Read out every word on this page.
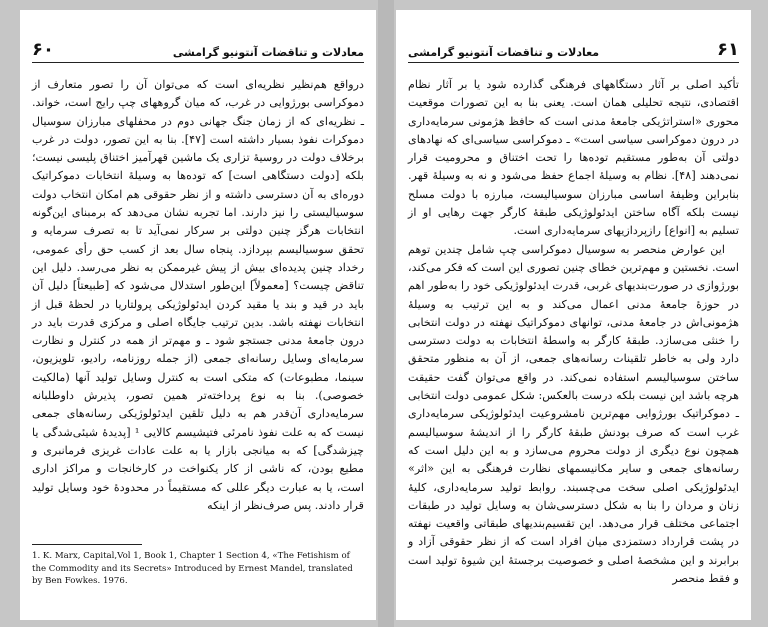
۶۰	معادلات و تناقضات آنتونیو گرامشی

درواقع هم‌نظیر نظریه‌ای است که می‌توان آن را تصور متعارف از دموکراسی بورژوایی در غرب، که میان گروههای چپ رایج است، خواند. ـ نظریه‌ای که از زمان جنگ جهانی دوم در محفلهای مبارزان سوسیال دموکرات نفوذ بسیار داشته است [۴۷]. بنا به این تصور، دولت در غرب برخلاف دولت در روسیهٔ تزاری یک ماشین قهرآمیز اختناق پلیسی نیست؛ بلکه [دولت دستگاهی است] که توده‌ها به وسیلهٔ انتخابات دموکراتیک دوره‌ای به آن دسترسی داشته و از نظر حقوقی هم امکان انتخاب دولت سوسیالیستی را نیز دارند. اما تجربه نشان می‌دهد که برمبنای این‌گونه انتخابات هرگز چنین دولتی بر سرکار نمی‌آید تا به تصرف سرمایه و تحقق سوسیالیسم بپردازد. پنجاه سال بعد از کسب حق رأی عمومی، رخداد چنین پدیده‌ای بیش از پیش غیرممکن به نظر می‌رسد. دلیل این تناقض چیست؟ [معمولاً] این‌طور استدلال می‌شود که [طبیعتاً] دلیل آن باید در قید و بند یا مقید کردن ایدئولوژیکی پرولتاریا در لحظهٔ قبل از انتخابات نهفته باشد. بدین ترتیب جایگاه اصلی و مرکزی قدرت باید در درون جامعهٔ مدنی جستجو شود ـ و مهم‌تر از همه در کنترل و نظارت سرمایه‌ای وسایل رسانه‌ای جمعی (از جمله روزنامه، رادیو، تلویزیون، سینما، مطبوعات) که متکی است به کنترل وسایل تولید آنها (مالکیت خصوصی). بنا به نوع پرداخته‌تر همین تصور، پذیرش داوطلبانه سرمایه‌داری آن‌قدر هم به دلیل تلقین ایدئولوژیکی رسانه‌های جمعی نیست که به علت نفوذ نامرئی فتیشیسم کالایی ¹ [پدیدهٔ شیئی‌شدگی یا چیزشدگی] که به میانجی بازار یا به علت عادات غریزی فرمانبری و مطیع بودن، که ناشی از کار یکنواخت در کارخانجات و مراکز اداری است، یا به عبارت دیگر عللی که مستقیماً در محدودهٔ خود وسایل تولید قرار دادند. پس صرف‌نظر از اینکه

1. K. Marx, Capital,Vol 1, Book 1, Chapter 1 Section 4, «The Fetishism of the Commodity and its Secrets» Introduced by Ernest Mandel, translated by Ben Fowkes. 1976.
۶۱
معادلات و تناقضات آنتونیو گرامشی

تأکید اصلی بر آثار دستگاههای فرهنگی گذارده شود یا بر آثار نظام اقتصادی، نتیجه تحلیلی همان است. یعنی بنا به این تصورات موقعیت محوری «استراتژیکی جامعهٔ مدنی است که حافظ هژمونی سرمایه‌داری در درون دموکراسی سیاسی است» ـ دموکراسی سیاسی‌ای که نهادهای دولتی آن به‌طور مستقیم توده‌ها را تحت اختناق و محرومیت قرار نمی‌دهند [۴۸]. نظام به وسیلهٔ اجماع حفظ می‌شود و نه به وسیلهٔ قهر. بنابراین وظیفهٔ اساسی مبارزان سوسیالیست، مبارزه با دولت مسلح نیست بلکه آگاه ساختن ایدئولوژیکی طبقهٔ کارگر جهت رهایی او از تسلیم به [انواع] رازپردازیهای سرمایه‌داری است.

این عوارض منحصر به سوسیال دموکراسی چپ شامل چندین توهم است. نخستین و مهم‌ترین خطای چنین تصوری این است که فکر می‌کند، بورژوازی در صورت‌بندیهای غربی، قدرت ایدئولوژیکی خود را به‌طور اهم در حوزهٔ جامعهٔ مدنی اعمال می‌کند و به این ترتیب به وسیلهٔ هژمونی‌اش در جامعهٔ مدنی، توانهای دموکراتیک نهفته در دولت انتخابی را خنثی می‌سازد. طبقهٔ کارگر به واسطهٔ انتخابات به دولت دسترسی دارد ولی به خاطر تلقینات رسانه‌های جمعی، از آن به منظور متحقق ساختن سوسیالیسم استفاده نمی‌کند. در واقع می‌توان گفت حقیقت هرچه باشد این نیست بلکه درست بالعکس: شکل عمومی دولت انتخابی ـ دموکراتیک بورژوایی مهم‌ترین نامشروعیت ایدئولوژیکی سرمایه‌داری غرب است که صرف بودنش طبقهٔ کارگر را از اندیشهٔ سوسیالیسم همچون نوع دیگری از دولت محروم می‌سازد و به این دلیل است که رسانه‌های جمعی و سایر مکانیسمهای نظارت فرهنگی به این «اثر» ایدئولوژیکی اصلی سخت می‌چسبند. روابط تولید سرمایه‌داری، کلیهٔ زنان و مردان را بنا به شکل دسترسی‌شان به وسایل تولید در طبقات اجتماعی مختلف قرار می‌دهد. این تقسیم‌بندیهای طبقاتی واقعیت نهفته در پشت قرارداد دستمزدی میان افراد است که از نظر حقوقی آزاد و برابرند و این مشخصهٔ اصلی و خصوصیت برجستهٔ این شیوهٔ تولید است و فقط منحصر
